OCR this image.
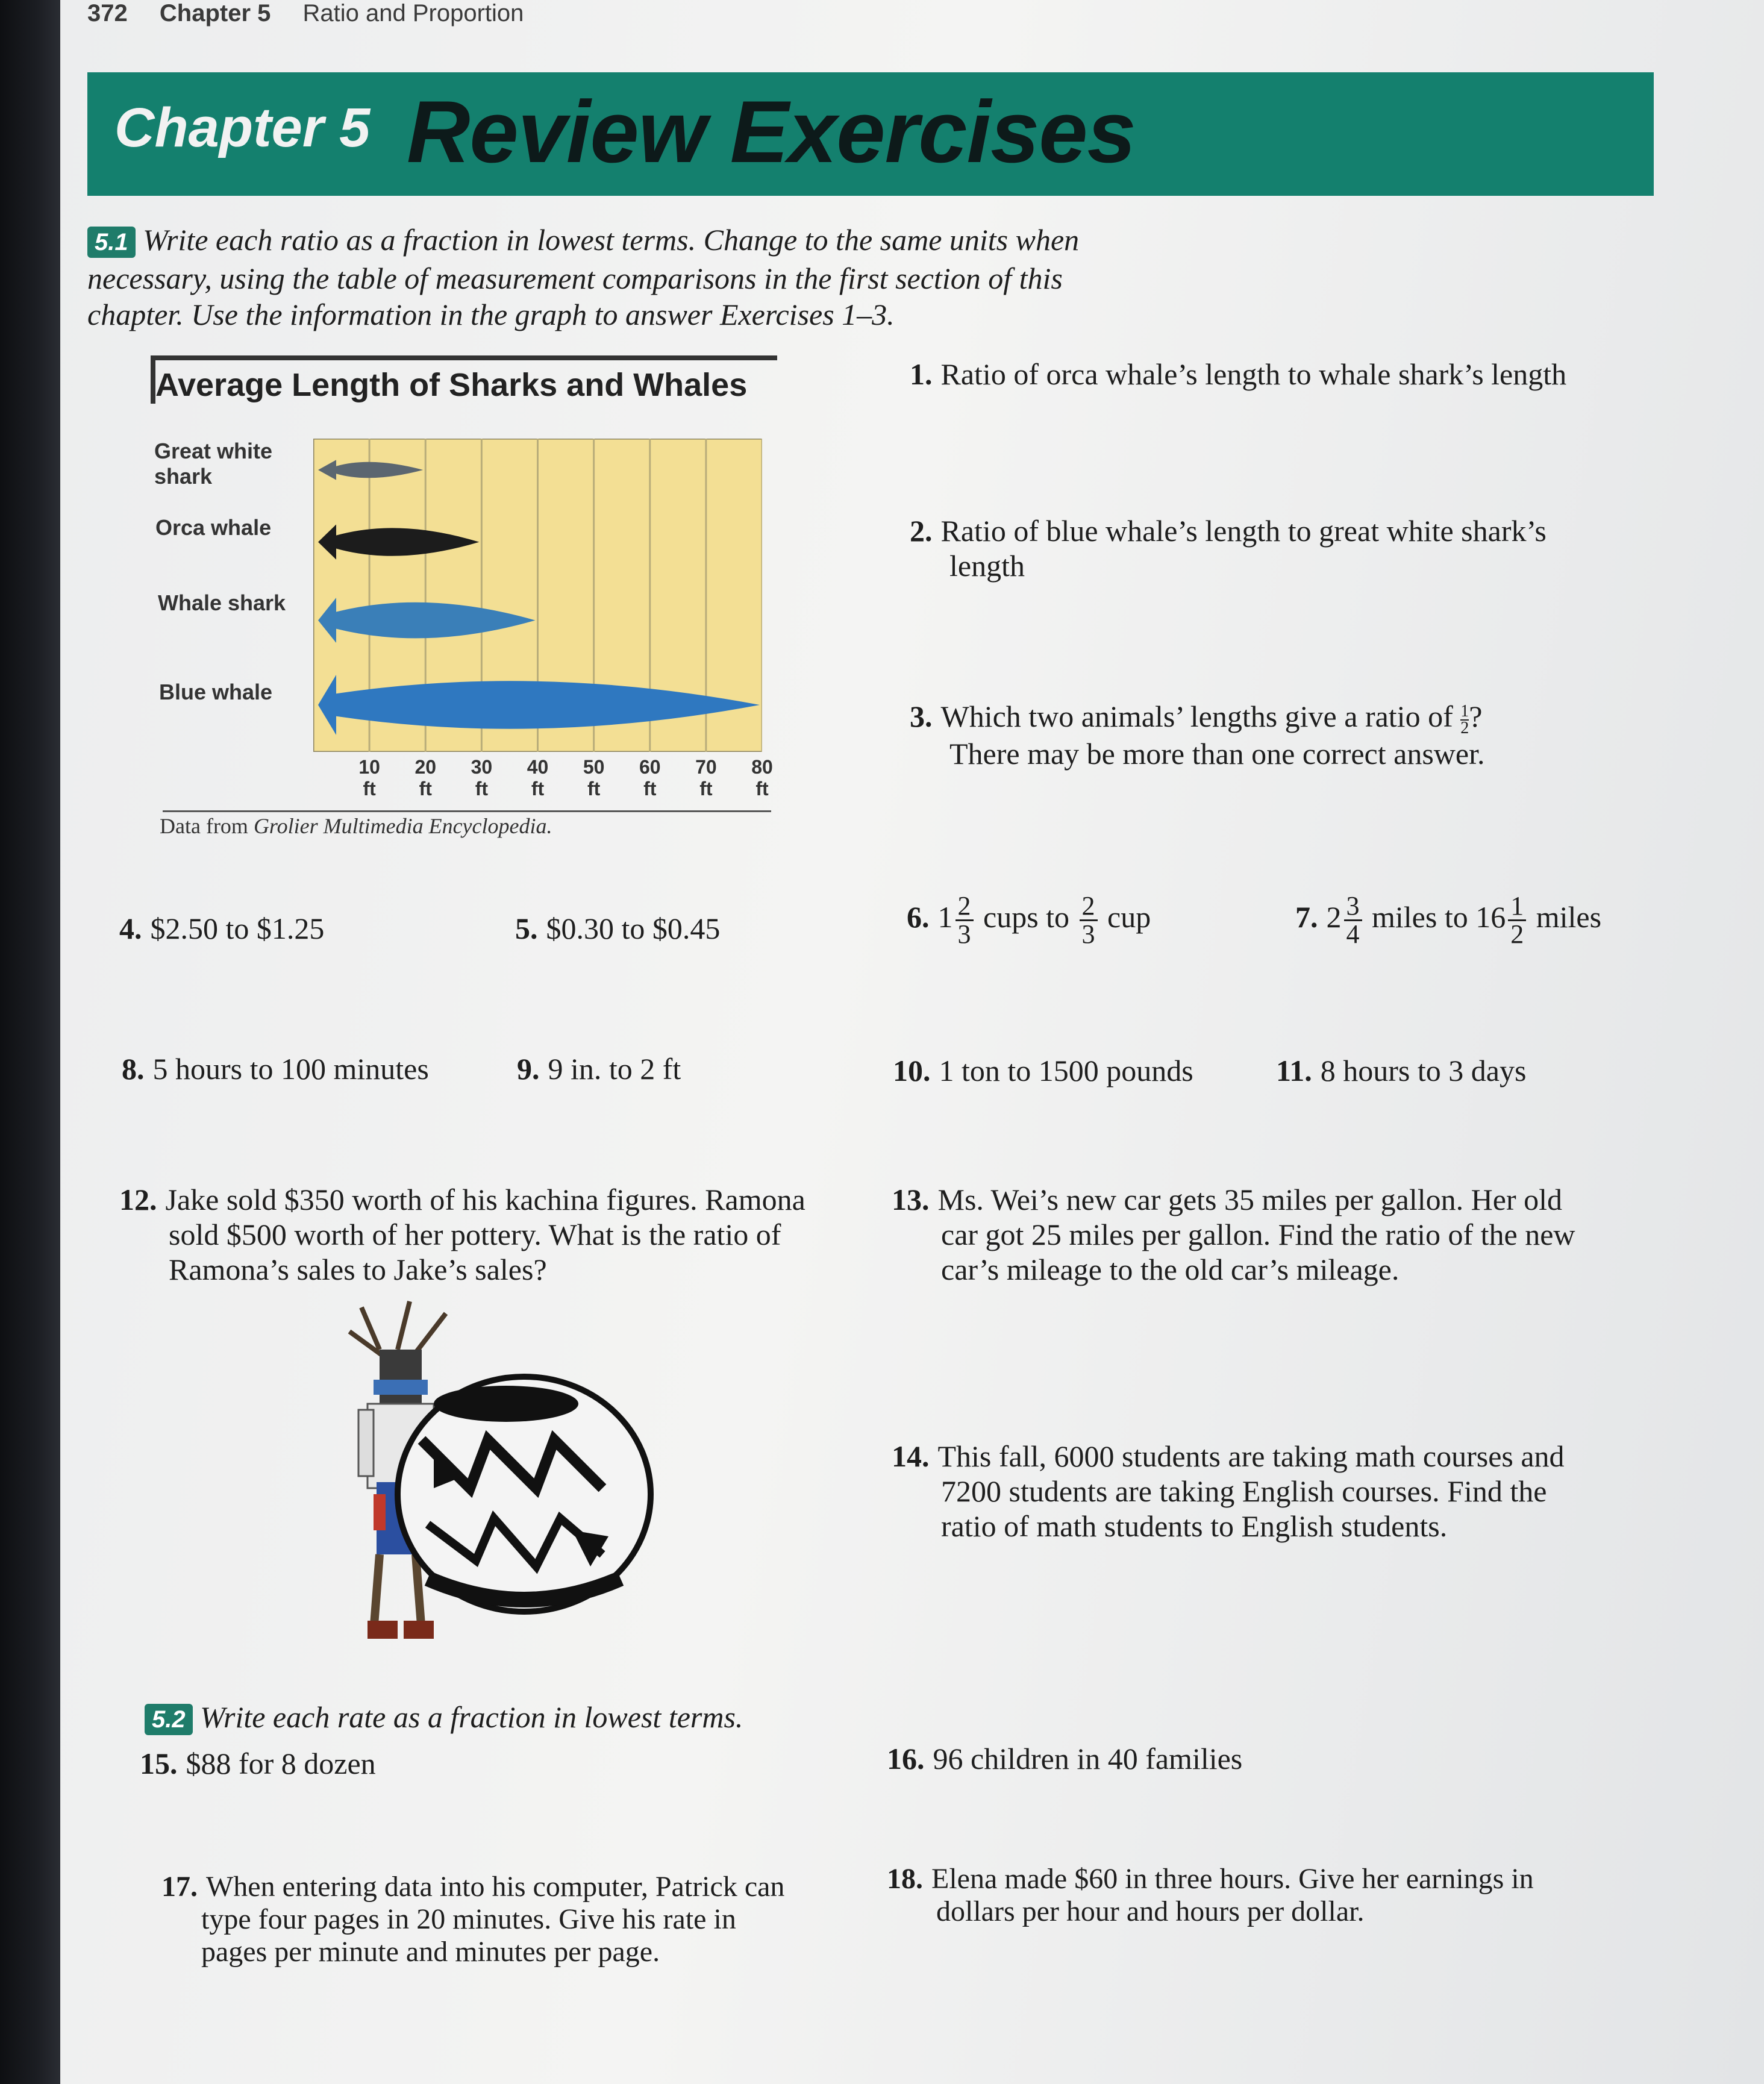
372 Chapter 5 Ratio and Proportion
Chapter 5 Review Exercises
5.1 Write each ratio as a fraction in lowest terms. Change to the same units when
necessary, using the table of measurement comparisons in the first section of this
chapter. Use the information in the graph to answer Exercises 1–3.
Average Length of Sharks and Whales
Great white
shark
Orca whale
Whale shark
Blue whale
10
ft
20
ft
30
ft
40
ft
50
ft
60
ft
70
ft
80
ft
Data from Grolier Multimedia Encyclopedia.
1. Ratio of orca whale’s length to whale shark’s length
2. Ratio of blue whale’s length to great white shark’s
length
3. Which two animals’ lengths give a ratio of $\frac{1}{2}$ ?
There may be more than one correct answer.
4. $2.50 to $1.25	5. $0.30 to $0.45	6. $1 \frac{2}{3}$ cups to $\frac{2}{3}$ cup	7. $2 \frac{3}{4}$ miles to $16 \frac{1}{2}$ miles
8. 5 hours to 100 minutes	9. 9 in. to 2 ft	10. 1 ton to 1500 pounds	11. 8 hours to 3 days
12. Jake sold $350 worth of his kachina figures. Ramona
sold $500 worth of her pottery. What is the ratio of
Ramona’s sales to Jake’s sales?
13. Ms. Wei’s new car gets 35 miles per gallon. Her old
car got 25 miles per gallon. Find the ratio of the new
car’s mileage to the old car’s mileage.
14. This fall, 6000 students are taking math courses and
7200 students are taking English courses. Find the
ratio of math students to English students.
5.2 Write each rate as a fraction in lowest terms.
15. $88 for 8 dozen	16. 96 children in 40 families
17. When entering data into his computer, Patrick can
type four pages in 20 minutes. Give his rate in
pages per minute and minutes per page.
18. Elena made $60 in three hours. Give her earnings in
dollars per hour and hours per dollar.
